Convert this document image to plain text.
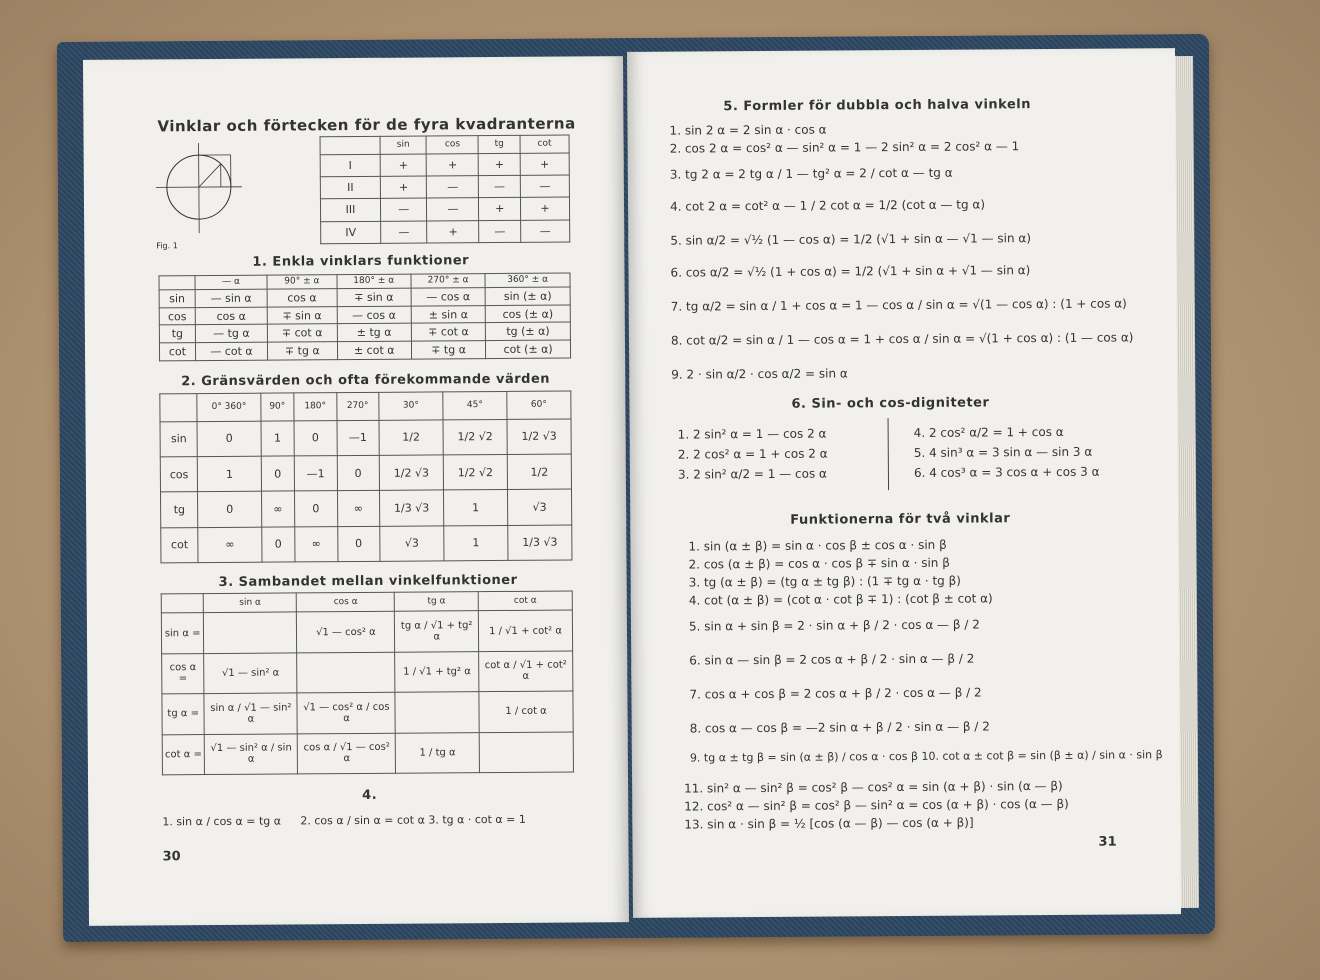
Vinklar och förtecken för de fyra kvadranterna
Fig. 1
	sin	cos	tg	cot
I	+	+	+	+
II	+	—	—	—
III	—	—	+	+
IV	—	+	—	—
1. Enkla vinklars funktioner
	— α	90° ± α	180° ± α	270° ± α	360° ± α
sin	— sin α	cos α	∓ sin α	— cos α	sin (± α)
cos	cos α	∓ sin α	— cos α	± sin α	cos (± α)
tg	— tg α	∓ cot α	± tg α	∓ cot α	tg (± α)
cot	— cot α	∓ tg α	± cot α	∓ tg α	cot (± α)
2. Gränsvärden och ofta förekommande värden
	0° 360°	90°	180°	270°	30°	45°	60°
sin	0	1	0	—1	1/2	1/2 √2	1/2 √3
cos	1	0	—1	0	1/2 √3	1/2 √2	1/2
tg	0	∞	0	∞	1/3 √3	1	√3
cot	∞	0	∞	0	√3	1	1/3 √3
3. Sambandet mellan vinkelfunktioner
	sin α	cos α	tg α	cot α
sin α =		√1 — cos² α	tg α / √1 + tg² α	1 / √1 + cot² α
cos α =	√1 — sin² α		1 / √1 + tg² α	cot α / √1 + cot² α
tg α =	sin α / √1 — sin² α	√1 — cos² α / cos α		1 / cot α
cot α =	√1 — sin² α / sin α	cos α / √1 — cos² α	1 / tg α	
4.
1. sin α / cos α = tg α 2. cos α / sin α = cot α 3. tg α · cot α = 1
30
5. Formler för dubbla och halva vinkeln
1. sin 2 α = 2 sin α · cos α
2. cos 2 α = cos² α — sin² α = 1 — 2 sin² α = 2 cos² α — 1
3. tg 2 α = 2 tg α / 1 — tg² α = 2 / cot α — tg α
4. cot 2 α = cot² α — 1 / 2 cot α = 1/2 (cot α — tg α)
5. sin α/2 = √½ (1 — cos α) = 1/2 (√1 + sin α — √1 — sin α)
6. cos α/2 = √½ (1 + cos α) = 1/2 (√1 + sin α + √1 — sin α)
7. tg α/2 = sin α / 1 + cos α = 1 — cos α / sin α = √(1 — cos α) : (1 + cos α)
8. cot α/2 = sin α / 1 — cos α = 1 + cos α / sin α = √(1 + cos α) : (1 — cos α)
9. 2 · sin α/2 · cos α/2 = sin α
6. Sin- och cos-digniteter
1. 2 sin² α = 1 — cos 2 α
2. 2 cos² α = 1 + cos 2 α
3. 2 sin² α/2 = 1 — cos α
4. 2 cos² α/2 = 1 + cos α
5. 4 sin³ α = 3 sin α — sin 3 α
6. 4 cos³ α = 3 cos α + cos 3 α
Funktionerna för två vinklar
1. sin (α ± β) = sin α · cos β ± cos α · sin β
2. cos (α ± β) = cos α · cos β ∓ sin α · sin β
3. tg (α ± β) = (tg α ± tg β) : (1 ∓ tg α · tg β)
4. cot (α ± β) = (cot α · cot β ∓ 1) : (cot β ± cot α)
5. sin α + sin β = 2 · sin α + β / 2 · cos α — β / 2
6. sin α — sin β = 2 cos α + β / 2 · sin α — β / 2
7. cos α + cos β = 2 cos α + β / 2 · cos α — β / 2
8. cos α — cos β = —2 sin α + β / 2 · sin α — β / 2
9. tg α ± tg β = sin (α ± β) / cos α · cos β 10. cot α ± cot β = sin (β ± α) / sin α · sin β
11. sin² α — sin² β = cos² β — cos² α = sin (α + β) · sin (α — β)
12. cos² α — sin² β = cos² β — sin² α = cos (α + β) · cos (α — β)
13. sin α · sin β = ½ [cos (α — β) — cos (α + β)]
31
